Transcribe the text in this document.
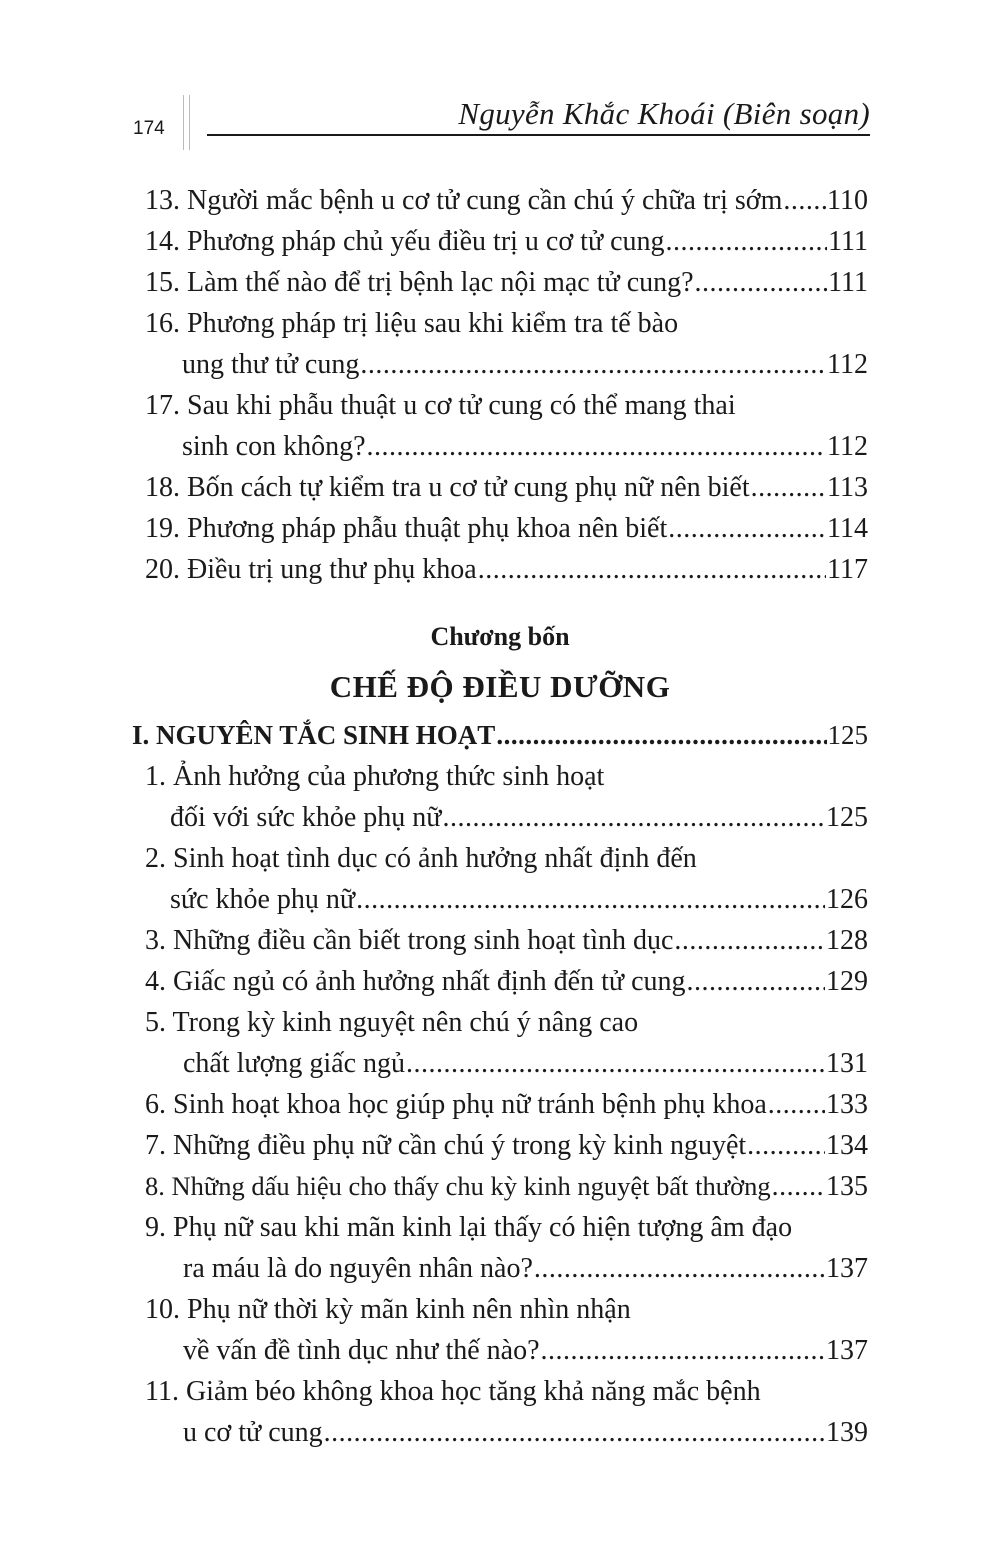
174	Nguyễn Khắc Khoái (Biên soạn)
13. Người mắc bệnh u cơ tử cung cần chú ý chữa trị sớm ..... 110
14. Phương pháp chủ yếu điều trị u cơ tử cung .....	111
15. Làm thế nào để trị bệnh lạc nội mạc tử cung? .....	111
16. Phương pháp trị liệu sau khi kiểm tra tế bào
ung thư tử cung .....	112
17. Sau khi phẫu thuật u cơ tử cung có thể mang thai
sinh con không? .....	112
18. Bốn cách tự kiểm tra u cơ tử cung phụ nữ nên biết .....	113
19. Phương pháp phẫu thuật phụ khoa nên biết .....	114
20. Điều trị ung thư phụ khoa .....	117
Chương bốn
CHẾ ĐỘ ĐIỀU DƯỠNG
I. NGUYÊN TẮC SINH HOẠT .....	125
1. Ảnh hưởng của phương thức sinh hoạt
đối với sức khỏe phụ nữ .....	125
2. Sinh hoạt tình dục có ảnh hưởng nhất định đến
sức khỏe phụ nữ .....	126
3. Những điều cần biết trong sinh hoạt tình dục .....	128
4. Giấc ngủ có ảnh hưởng nhất định đến tử cung .....	129
5. Trong kỳ kinh nguyệt nên chú ý nâng cao
chất lượng giấc ngủ .....	131
6. Sinh hoạt khoa học giúp phụ nữ tránh bệnh phụ khoa ..... 133
7. Những điều phụ nữ cần chú ý trong kỳ kinh nguyệt .....	134
8. Những dấu hiệu cho thấy chu kỳ kinh nguyệt bất thường ..... 135
9. Phụ nữ sau khi mãn kinh lại thấy có hiện tượng âm đạo
ra máu là do nguyên nhân nào? .....	137
10. Phụ nữ thời kỳ mãn kinh nên nhìn nhận
về vấn đề tình dục như thế nào? .....	137
11. Giảm béo không khoa học tăng khả năng mắc bệnh
u cơ tử cung .....	139
